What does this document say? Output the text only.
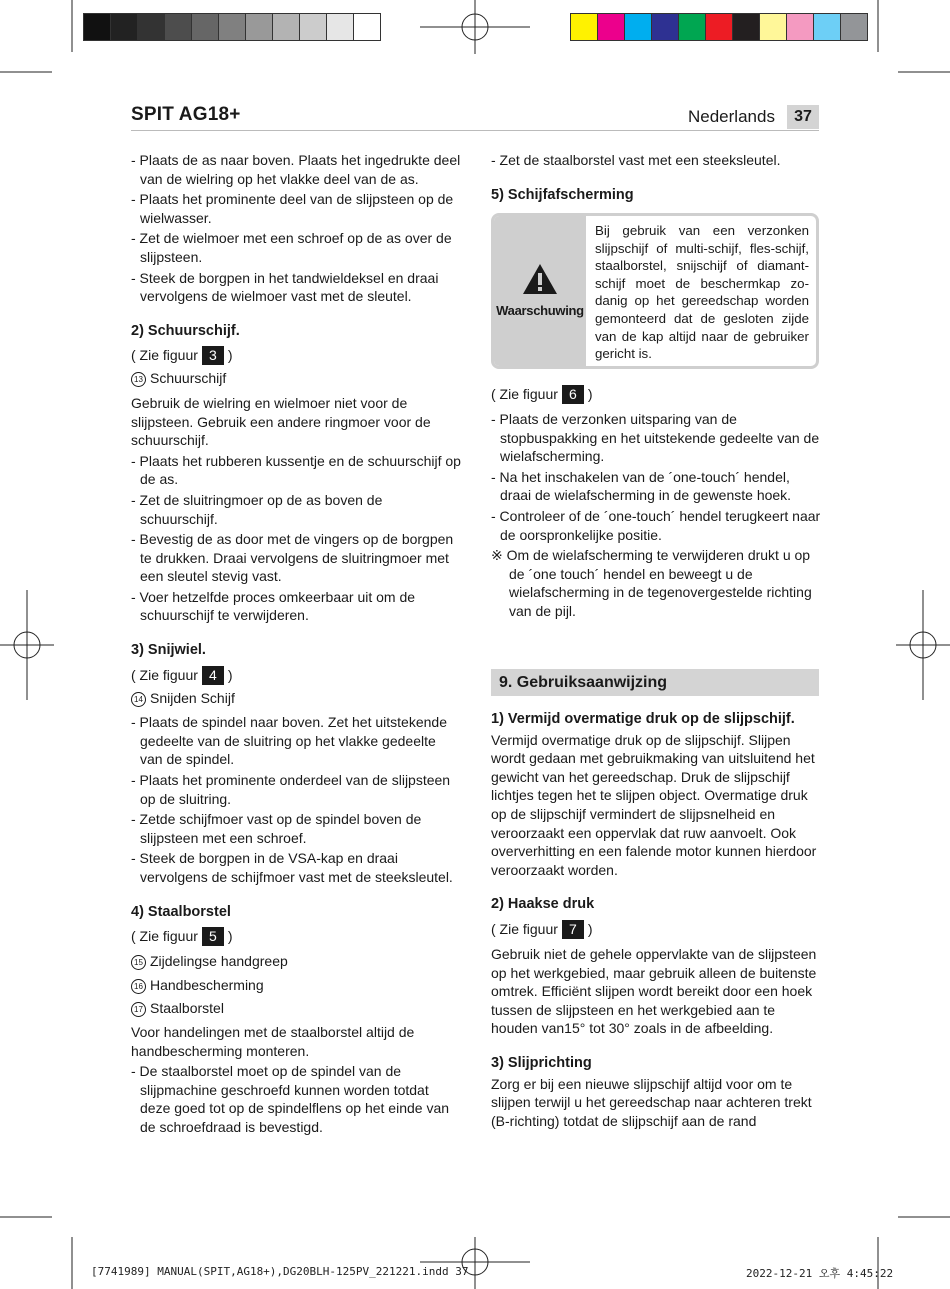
SPIT AG18+	Nederlands	37

- Plaats de as naar boven. Plaats het ingedrukte deel van de wielring op het vlakke deel van de as.

- Plaats het prominente deel van de slijpsteen op de wielwasser.

- Zet de wielmoer met een schroef op de as over de slijpsteen.

- Steek de borgpen in het tandwieldeksel en draai vervolgens de wielmoer vast met de sleutel.

2) Schuurschijf.

( Zie figuur 3 )

13 Schuurschijf

Gebruik de wielring en wielmoer niet voor de slijpsteen. Gebruik een andere ringmoer voor de schuurschijf.

- Plaats het rubberen kussentje en de schuurschijf op de as.

- Zet de sluitringmoer op de as boven de schuurschijf.

- Bevestig de as door met de vingers op de borgpen te drukken. Draai vervolgens de sluitringmoer met een sleutel stevig vast.

- Voer hetzelfde proces omkeerbaar uit om de schuurschijf te verwijderen.

3) Snijwiel.

( Zie figuur 4 )

14 Snijden Schijf

- Plaats de spindel naar boven. Zet het uitstekende gedeelte van de sluitring op het vlakke gedeelte van de spindel.

- Plaats het prominente onderdeel van de slijpsteen op de sluitring.

- Zetde schijfmoer vast op de spindel boven de slijpsteen met een schroef.

- Steek de borgpen in de VSA-kap en draai vervolgens de schijfmoer vast met de steeksleutel.

4) Staalborstel

( Zie figuur 5 )

15 Zijdelingse handgreep

16 Handbescherming

17 Staalborstel

Voor handelingen met de staalborstel altijd de handbescherming monteren.

- De staalborstel moet op de spindel van de slijpmachine geschroefd kunnen worden totdat deze goed tot op de spindelflens op het einde van de schroefdraad is bevestigd.

- Zet de staalborstel vast met een steeksleutel.

5) Schijfafscherming

Waarschuwing
Bij gebruik van een verzonken slijpschijf of multi-schijf, fles-schijf, staalborstel, snijschijf of diamant-schijf moet de beschermkap zo-danig op het gereedschap worden gemonteerd dat de gesloten zijde van de kap altijd naar de gebruiker gericht is.

( Zie figuur 6 )

- Plaats de verzonken uitsparing van de stopbuspakking en het uitstekende gedeelte van de wielafscherming.

- Na het inschakelen van de ´one-touch´ hendel, draai de wielafscherming in de gewenste hoek.

- Controleer of de ´one-touch´ hendel terugkeert naar de oorspronkelijke positie.

※ Om de wielafscherming te verwijderen drukt u op de ´one touch´ hendel en beweegt u de wielafscherming in de tegenovergestelde richting van de pijl.

9. Gebruiksaanwijzing

1) Vermijd overmatige druk op de slijpschijf.

Vermijd overmatige druk op de slijpschijf. Slijpen wordt gedaan met gebruikmaking van uitsluitend het gewicht van het gereedschap. Druk de slijpschijf lichtjes tegen het te slijpen object. Overmatige druk op de slijpschijf vermindert de slijpsnelheid en veroorzaakt een oppervlak dat ruw aanvoelt. Ook oververhitting en een falende motor kunnen hierdoor veroorzaakt worden.

2) Haakse druk

( Zie figuur 7 )

Gebruik niet de gehele oppervlakte van de slijpsteen op het werkgebied, maar gebruik alleen de buitenste omtrek. Efficiënt slijpen wordt bereikt door een hoek tussen de slijpsteen en het werkgebied aan te houden van15° tot 30° zoals in de afbeelding.

3) Slijprichting

Zorg er bij een nieuwe slijpschijf altijd voor om te slijpen terwijl u het gereedschap naar achteren trekt (B-richting) totdat de slijpschijf aan de rand

[7741989] MANUAL(SPIT,AG18+),DG20BLH-125PV_221221.indd 37	2022-12-21 오후 4:45:22
